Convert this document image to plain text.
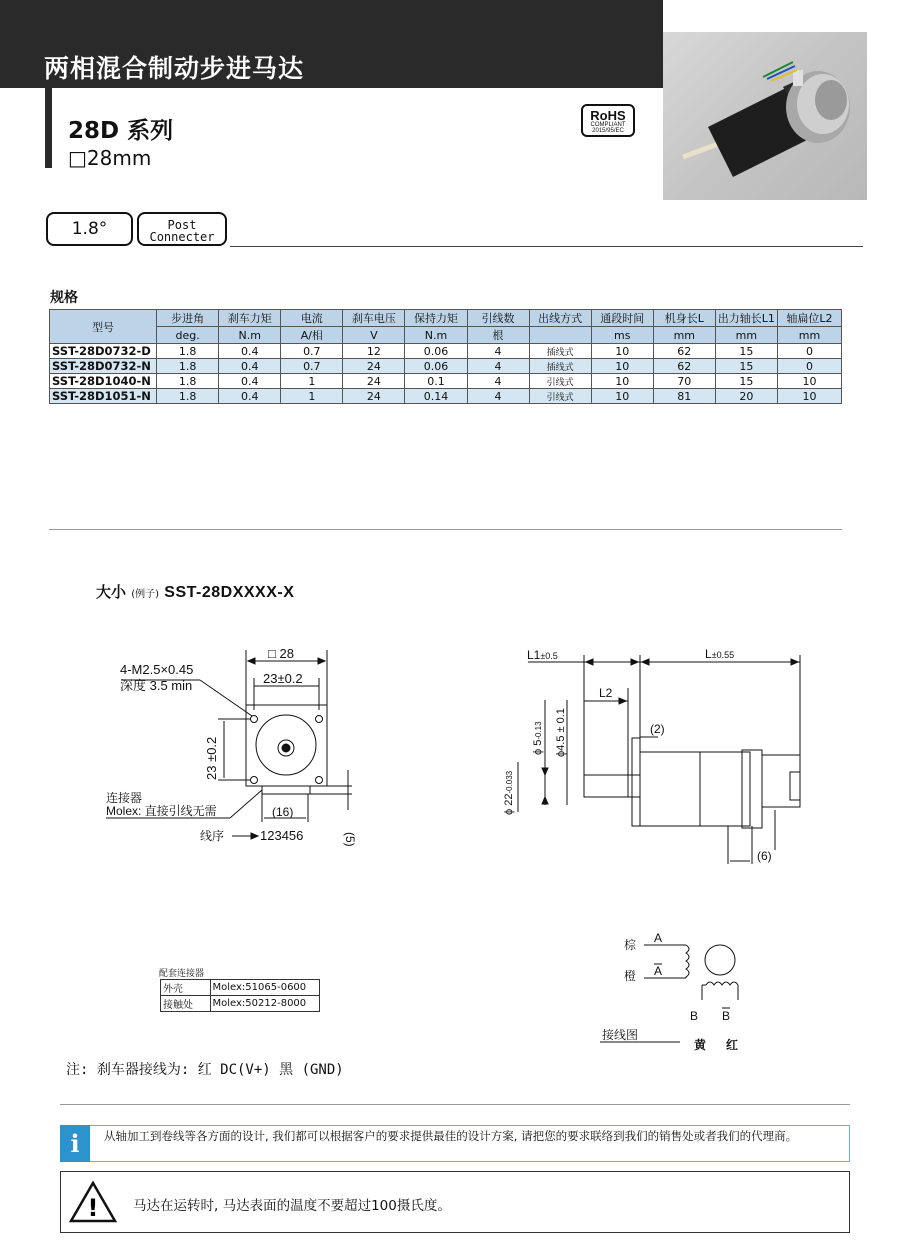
两相混合制动步进马达
28D 系列
□28mm
RoHS
COMPLIANT
2015/95/EC
1.8°	Post
Connecter
规格
型号	步进角	刹车力矩	电流	刹车电压	保持力矩	引线数	出线方式	通段时间	机身长L	出力轴长L1	轴扁位L2
	deg.	N.m	A/相	V	N.m	根		ms	mm	mm	mm
SST-28D0732-D	1.8	0.4	0.7	12	0.06	4	插线式	10	62	15	0
SST-28D0732-N	1.8	0.4	0.7	24	0.06	4	插线式	10	62	15	0
SST-28D1040-N	1.8	0.4	1	24	0.1	4	引线式	10	70	15	10
SST-28D1051-N	1.8	0.4	1	24	0.14	4	引线式	10	81	20	10
大小 (例子) SST-28DXXXX-X
□ 28
23±0.2
4-M2.5×0.45
深度 3.5 min
23 ±0.2
连接器
Molex: 直接引线无需	(16)
(5)
线序	123456
L1±0.5	L±0.55
L2
(2)
ϕ 5-0.13 ϕ4.5 ± 0.1
ϕ 22-0.033
(6)
棕
橙
A
A
B B
接线图
黄 红
配套连接器
外壳	Molex:51065-0600
接触处	Molex:50212-8000
注: 刹车器接线为: 红 DC(V+) 黑 (GND)
i	从轴加工到卷线等各方面的设计, 我们都可以根据客户的要求提供最佳的设计方案, 请把您的要求联络到我们的销售处或者我们的代理商。
!	马达在运转时, 马达表面的温度不要超过100摄氏度。
